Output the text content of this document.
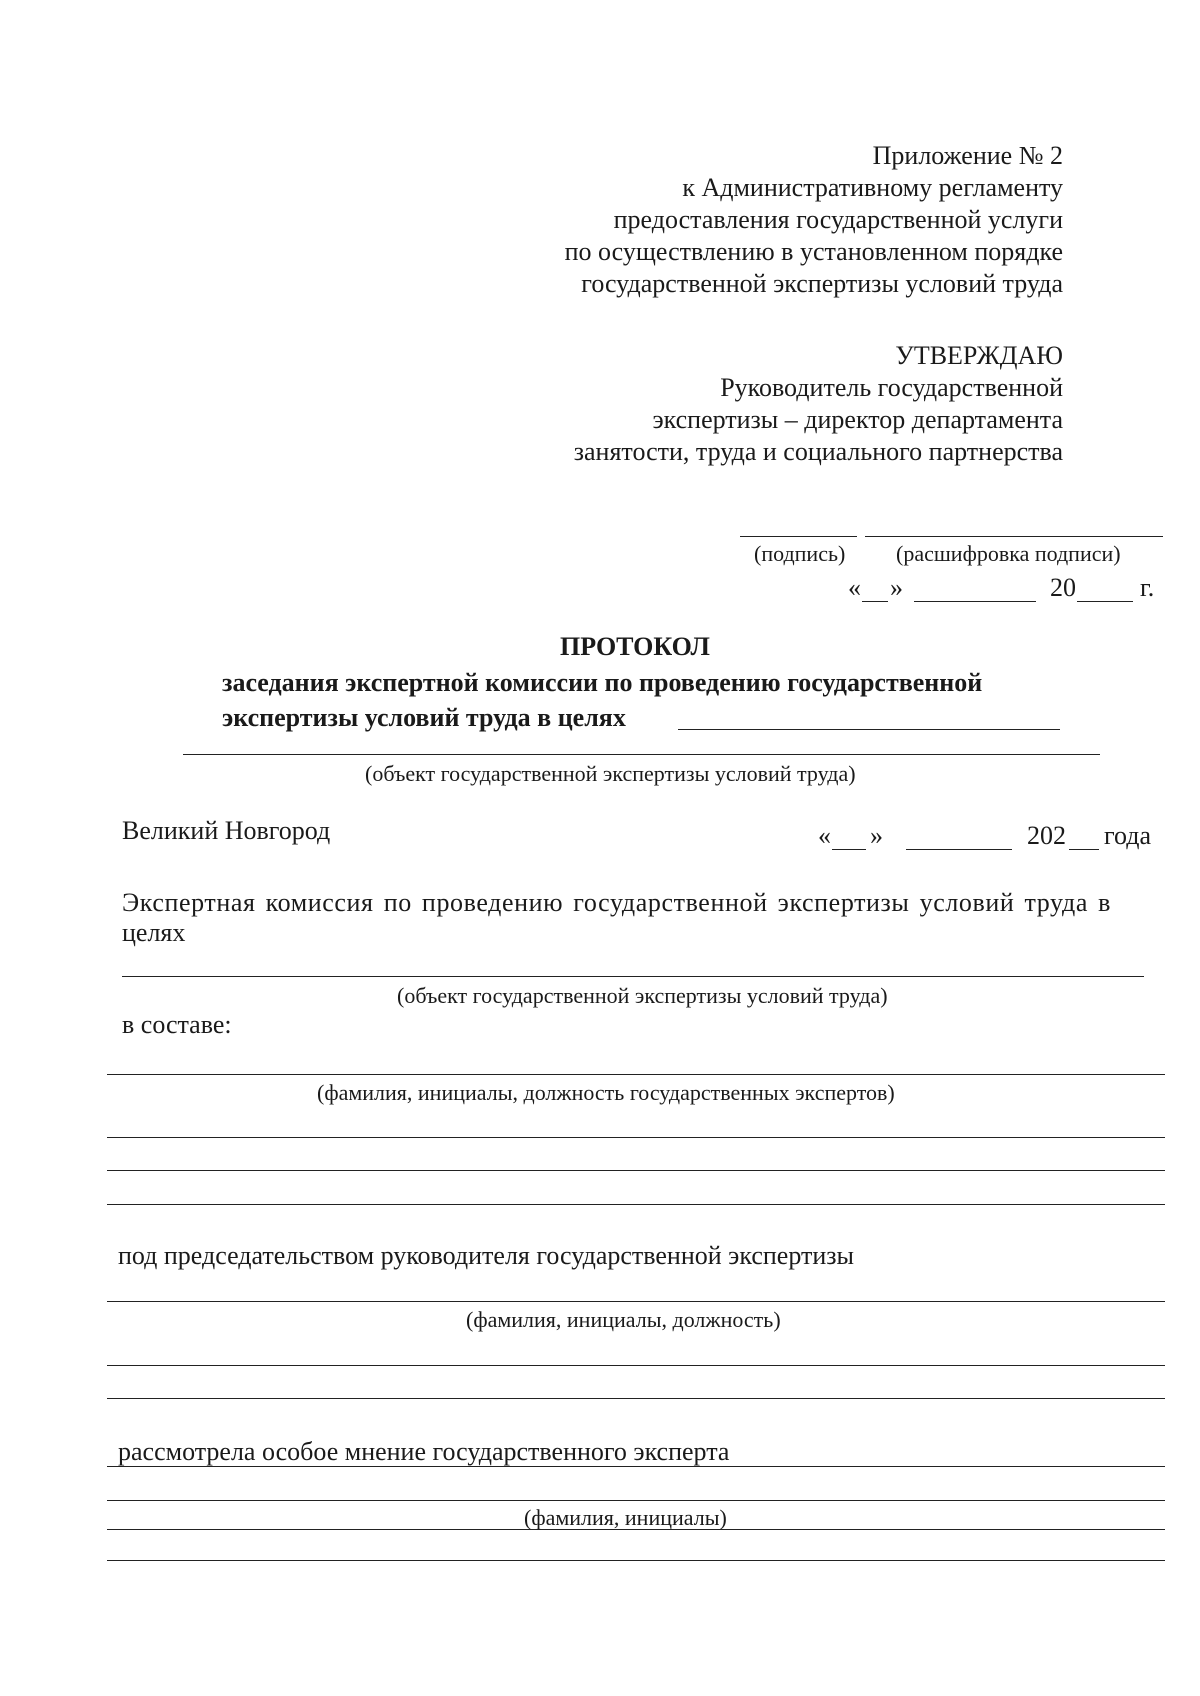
Приложение № 2
к Административному регламенту
предоставления государственной услуги
по осуществлению в установленном порядке
государственной экспертизы условий труда
УТВЕРЖДАЮ
Руководитель государственной
экспертизы – директор департамента
занятости, труда и социального партнерства
(подпись) (расшифровка подписи)
« »	20 г.
ПРОТОКОЛ
заседания экспертной комиссии по проведению государственной
экспертизы условий труда в целях
(объект государственной экспертизы условий труда)
Великий Новгород	« »	202 года
Экспертная комиссия по проведению государственной экспертизы условий труда в
целях
(объект государственной экспертизы условий труда)
в составе:
(фамилия, инициалы, должность государственных экспертов)
под председательством руководителя государственной экспертизы
(фамилия, инициалы, должность)
рассмотрела особое мнение государственного эксперта
(фамилия, инициалы)
